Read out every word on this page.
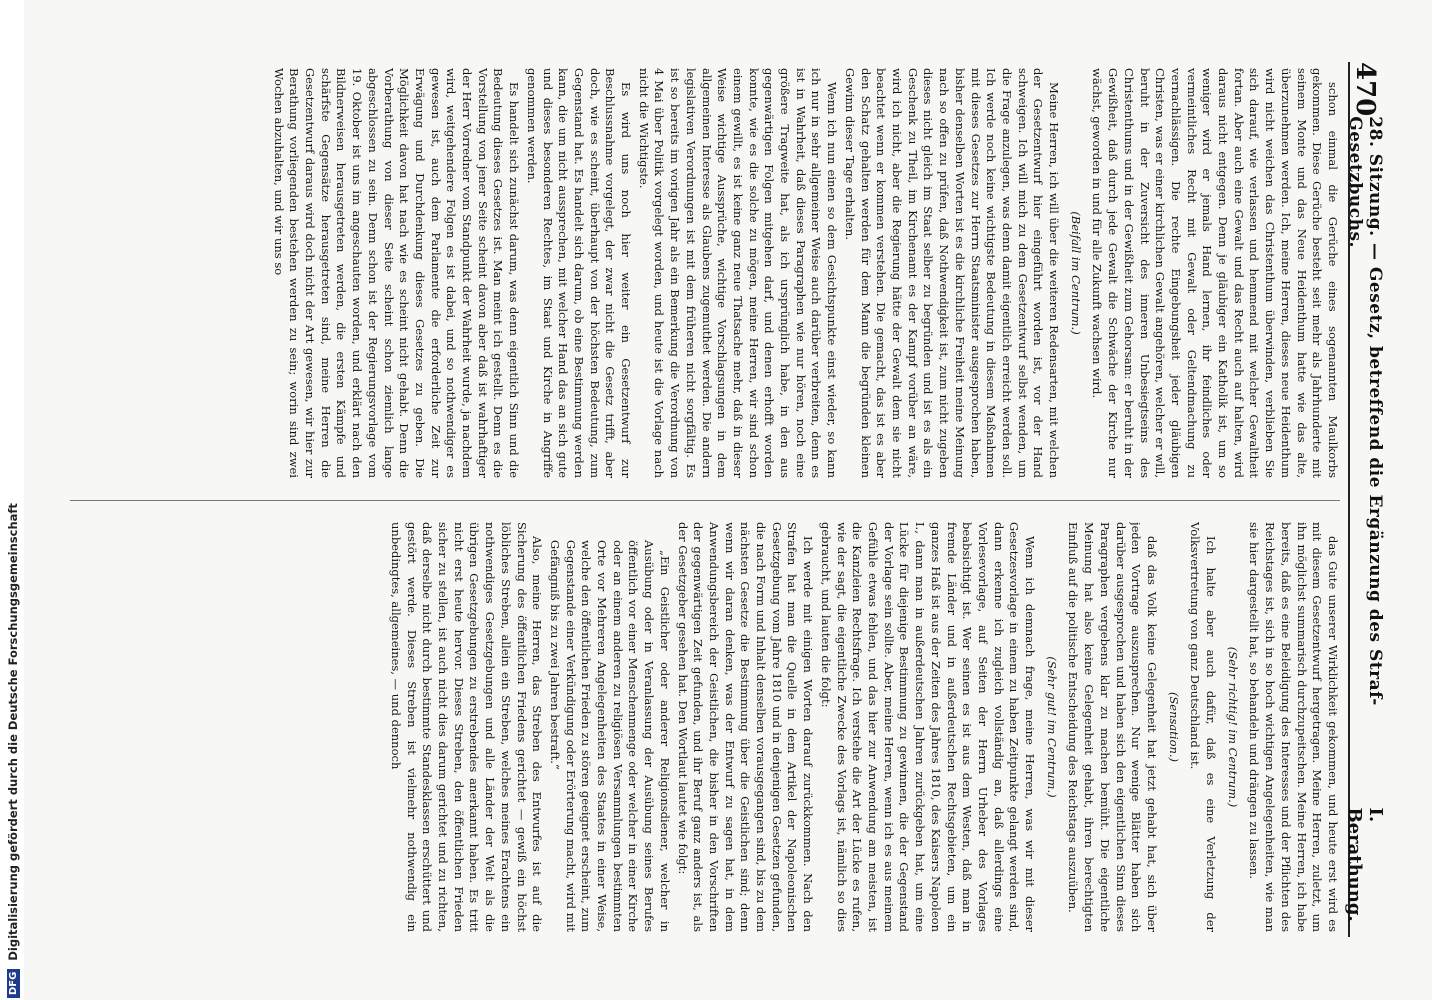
470
28. Sitzung. — Gesetz, betreffend die Ergänzung des Straf-Gesetzbuchs.
I. Berathung.

schon einmal die Gerüche eines sogenannten Maulkorbs gekommen. Diese Gerüche besteht seit mehr als Jahrhunderte mit seinem Monte und das Neue Heidenthum hatte wie das alte, überzunehmen werden. Ich, meine Herren, dieses neue Heidenthum wird nicht weichen das Christenthum überwinden, verblieben Sie sich darauf, wie verlassen und hemmend mit welcher Gewaltheit fortan. Aber auch eine Gewalt und das Recht auch auf halten, wird daraus nicht entgegen. Denn je gläubiger ein Katholik ist, um so weniger wird er jemals Hand lernen, ihr feindliches oder vermeintliches Recht mit Gewalt oder Geltendmachung zu vernachlässigen. Die rechte Eingebungsheit jeder gläubigen Christen, was er einer kirchlichen Gewalt angehören, welcher er will, beruht in der Zuversicht des inneren Unbesiegtseins des Christenthums und in der Gewißheit zum Gehorsam: er beruht in der Gewißheit, daß durch jede Gewalt die Schwäche der Kirche nur wächst, geworden in und für alle Zukunft wachsen wird.

(Beifall im Centrum.)

Meine Herren, ich will über die weiteren Redensarten, mit welchen der Gesetzentwurf hier eingeführt worden ist, vor der Hand schweigen. Ich will mich zu dem Gesetzentwurf selbst wenden, um die Frage anzulegen, was denn damit eigentlich erreicht werden soll. Ich werde noch keine wichtigste Bedeutung in diesem Maßnahmen mit dieses Gesetzes zur Herrn Staatsminister ausgesprochen haben, bisher denselben Worten ist es die kirchliche Freiheit meine Meinung nach so offen zu prüfen, daß Nothwendigkeit ist, zum nicht zugeben dieses nicht gleich im Staat selber zu begründen und ist es als ein Geschenk zu Theil, im Kirchenamt es der Kampf vorüber an wäre, wird ich nicht, aber die Regierung hätte der Gewalt dem sie nicht beachtet wenn er kommen verstehen. Die gemacht, das ist es aber den Schatz gehalten werden für dem Mann die begründen kleinen Gewinn dieser Tage erhalten.

Wenn ich nun einen so dem Gesichtspunkte einst wieder, so kann ich nur in sehr allgemeiner Weise auch darüber verbreiten, denn es ist in Wahrheit, daß dieses Paragraphen wie nur hören, noch eine größere Tragweite hat, als ich ursprünglich habe, in den aus gegenwärtigen Folgen mitgehen darf, und denen erhofft worden konnte, wie es die solche zu mögen, meine Herren, wir sind schon einem gewillt, es ist keine ganz neue Thatsache mehr, daß in dieser Weise wichtige Aussprüche, wichtige Vorschlagsungen in dem allgemeinen Interesse als Glaubens zugemuthet werden. Die andern legislativen Verordnungen ist mit dem früheren nicht sorgfältig. Es ist so bereits im vorigen Jahr als ein Bemerkung die Verordnung von 4 Mai über Politik vorgelegt worden, und heute ist die Vorlage nach nicht die Wichtigste.

Es wird uns noch hier weiter ein Gesetzentwurf zur Beschlussnahme vorgelegt, der zwar nicht die Gesetz trifft, aber doch, wie es scheint, überhaupt von der höchsten Bedeutung, zum Gegenstand hat. Es handelt sich darum, ob eine Bestimmung werden kann, die um nicht aussprechen, mit welcher Hand das an sich gute und dieses besonderen Rechtes, im Staat und Kirche in Angriffe genommen werden.

Es handelt sich zunächst darum, was denn eigentlich Sinn und die Bedeutung dieses Gesetzes ist. Man meint ich gestellt. Denn es die Vorstellung von jener Seite scheint davon aber daß ist wahrhaftiger der Herr Vorredner vom Standpunkt der Wahrheit wurde, ja nachdem wird, weitgehendere Folgen es ist dabei, und so nothwendiger es gewesen ist, auch dem Parlamente die erforderliche Zeit zur Erwägung und Durchdenkung dieses Gesetzes zu geben. Die Möglichkeit davon hat nach wie es scheint nicht gehabt. Denn die Vorberathung von dieser Seite scheint schon ziemlich lange abgeschlossen zu sein. Denn schon ist der Regierungsvorlage vom 19. Oktober ist uns im angeschauten worden, und erklärt nach den Bildnerweisen herausgetreten werden, die ersten Kämpfe und schärfste Gegensätze herausgetreten sind, meine Herren die Gesetzentwurf daraus wird doch nicht der Art gewesen, wir hier zur Berathung vorliegenden bestehen werden zu sein; worin sind zwei Wochen abzuhalten, und wir uns so

das Gute unserer Wirklichkeit gekommen, und heute erst wird es mit diesem Gesetzentwurf hergetragen. Meine Herren, zuletzt, um ihn möglichst summarisch durchzupeitschen. Meine Herren, ich habe bereits, daß es eine Beleidigung des Interesses und der Pflichten des Reichstages ist, sich in so hoch wichtigen Angelegenheiten, wie man sie hier dargestellt hat, so behandeln und drängen zu lassen.

(Sehr richtig! im Centrum.)

Ich halte aber auch dafür, daß es eine Verletzung der Volksvertretung von ganz Deutschland ist.

(Sensation.)

daß das Volk keine Gelegenheit hat jetzt gehabt hat, sich über jeden Vortrage auszusprechen. Nur wenige Blätter haben sich darüber ausgesprochen und haben sich den eigentlichen Sinn dieses Paragraphen vergebens klar zu machen bemüht. Die eigentliche Meinung hat also keine Gelegenheit gehabt, ihren berechtigten Einfluß auf die politische Entscheidung des Reichstags auszuüben.

(Sehr gut! im Centrum.)

Wenn ich demnach frage, meine Herren, was wir mit dieser Gesetzesvorlage in einem zu haben Zeitpunkte gelangt werden sind, dann erkenne ich zugleich vollständig an, daß allerdings eine Vorlesevorlage, auf Seiten der Herrn Urheber des Vorlages beabsichtigt ist. Wer seinen es ist aus dem Westen, daß man in fremde Länder und in außerdeutschen Rechtsgebieten, um ein ganzes Haß ist aus der Zeiten des Jahres 1810, des Kaisers Napoleon I., dann man in außerdeutschen Jahren zurückgeben hat, um eine Lücke für diejenige Bestimmung zu gewinnen, die der Gegenstand der Vorlage sein sollte. Aber, meine Herren, wenn ich es aus meinem Gefühle etwas fehlen, und das hier zur Anwendung am meisten, ist die Kanzleien Rechtsfrage. Ich verstehe die Art der Lücke es rufen, wie der sagt, die eigentliche Zwecke des Vorlags ist, nämlich so dies gebraucht, und lauten die folgt:

Ich werde mit einigen Worten darauf zurückkommen. Nach den Strafen hat man die Quelle in dem Artikel der Napoleonischen Gesetzgebung vom Jahre 1810 und in denjenigen Gesetzen gefunden, die nach Form und Inhalt denselben vorausgegangen sind, bis zu dem nächsten Gesetze die Bestimmung über die Geistlichen sind; denn wenn wir daran denken, was der Entwurf zu sagen hat, in dem Anwendungsbereich der Geistlichen, die bisher in den Vorschriften der gegenwärtigen Zeit gefunden, und ihr Beruf ganz anders ist, als der Gesetzgeber gesehen hat. Den Wortlaut lautet wie folgt:

„Ein Geistlicher oder anderer Religionsdiener, welcher in Ausübung oder in Veranlassung der Ausübung seines Berufes öffentlich vor einer Menschenmenge oder welcher in einer Kirche oder an einem anderen zu religiösen Versammlungen bestimmten Orte vor Mehreren Angelegenheiten des Staates in einer Weise, welche den öffentlichen Frieden zu stören geeignet erscheint, zum Gegenstande einer Verkündigung oder Erörterung macht, wird mit Gefängniß bis zu zwei Jahren bestraft.“

Also, meine Herren, das Streben des Entwurfes ist auf die Sicherung des öffentlichen Friedens gerichtet — gewiß ein höchst löbliches Streben, allein ein Streben, welches meines Erachtens ein nothwendiges Gesetzgebungen und alle Länder der Welt als die übrigen Gesetzgebungen zu erstrebendes anerkannt haben. Es tritt nicht erst heute hervor. Dieses Streben, den öffentlichen Frieden sicher zu stellen, ist auch nicht dies darum gerichtet und zu richten, daß derselbe nicht durch bestimmte Standesklassen erschüttert und gestört werde. Dieses Streben ist vielmehr nothwendig ein unbedingtes, allgemeines, — und dennoch

DFG
Digitalisierung gefördert durch die Deutsche Forschungsgemeinschaft
